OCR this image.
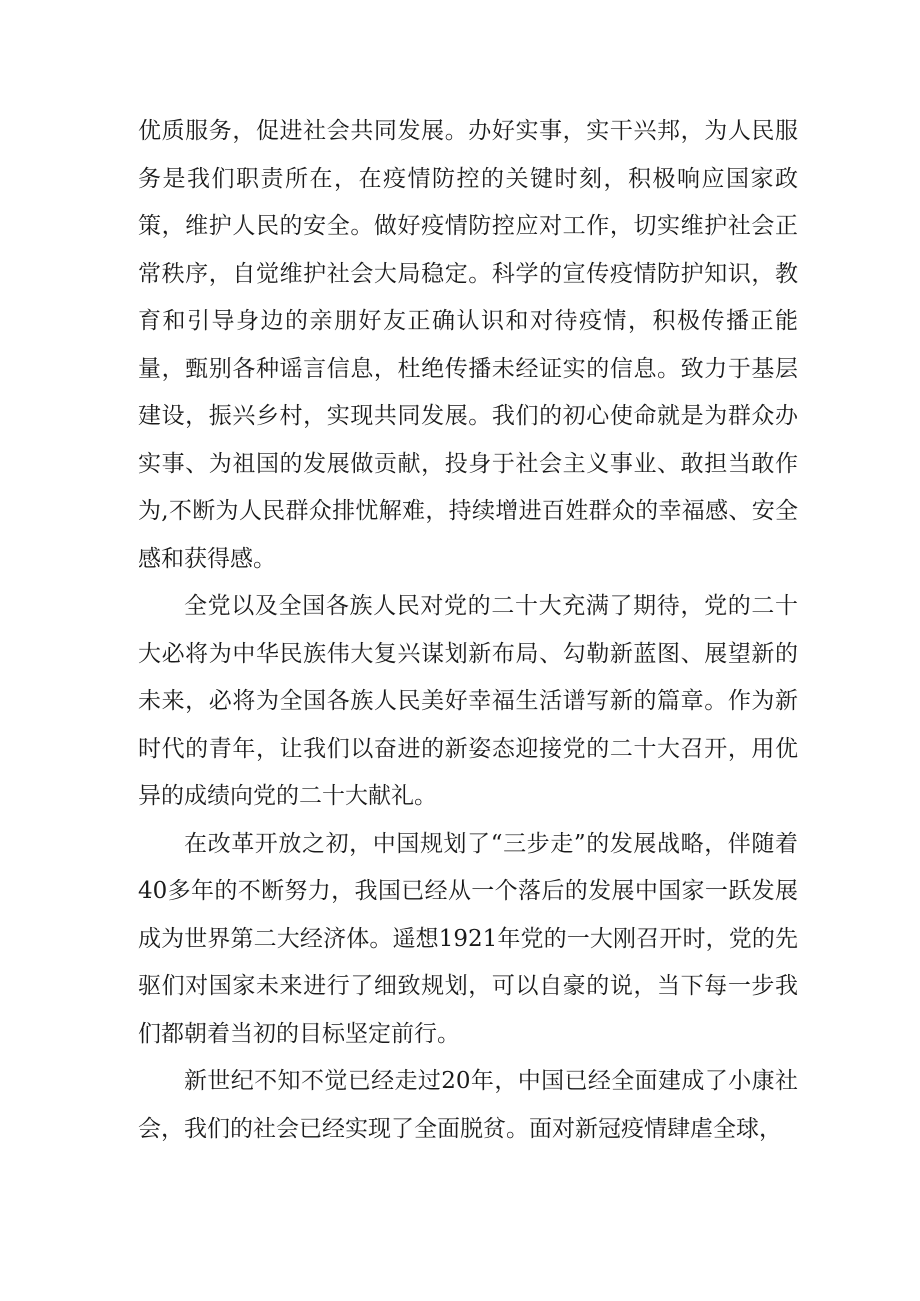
优质服务，促进社会共同发展。办好实事，实干兴邦，为人民服务是我们职责所在，在疫情防控的关键时刻，积极响应国家政策，维护人民的安全。做好疫情防控应对工作，切实维护社会正常秩序，自觉维护社会大局稳定。科学的宣传疫情防护知识，教育和引导身边的亲朋好友正确认识和对待疫情，积极传播正能量，甄别各种谣言信息，杜绝传播未经证实的信息。致力于基层建设，振兴乡村，实现共同发展。我们的初心使命就是为群众办实事、为祖国的发展做贡献，投身于社会主义事业、敢担当敢作为,不断为人民群众排忧解难，持续增进百姓群众的幸福感、安全感和获得感。

全党以及全国各族人民对党的二十大充满了期待，党的二十大必将为中华民族伟大复兴谋划新布局、勾勒新蓝图、展望新的未来，必将为全国各族人民美好幸福生活谱写新的篇章。作为新时代的青年，让我们以奋进的新姿态迎接党的二十大召开，用优异的成绩向党的二十大献礼。

在改革开放之初，中国规划了“三步走”的发展战略，伴随着40多年的不断努力，我国已经从一个落后的发展中国家一跃发展成为世界第二大经济体。遥想1921年党的一大刚召开时，党的先驱们对国家未来进行了细致规划，可以自豪的说，当下每一步我们都朝着当初的目标坚定前行。

新世纪不知不觉已经走过20年，中国已经全面建成了小康社会，我们的社会已经实现了全面脱贫。面对新冠疫情肆虐全球，
